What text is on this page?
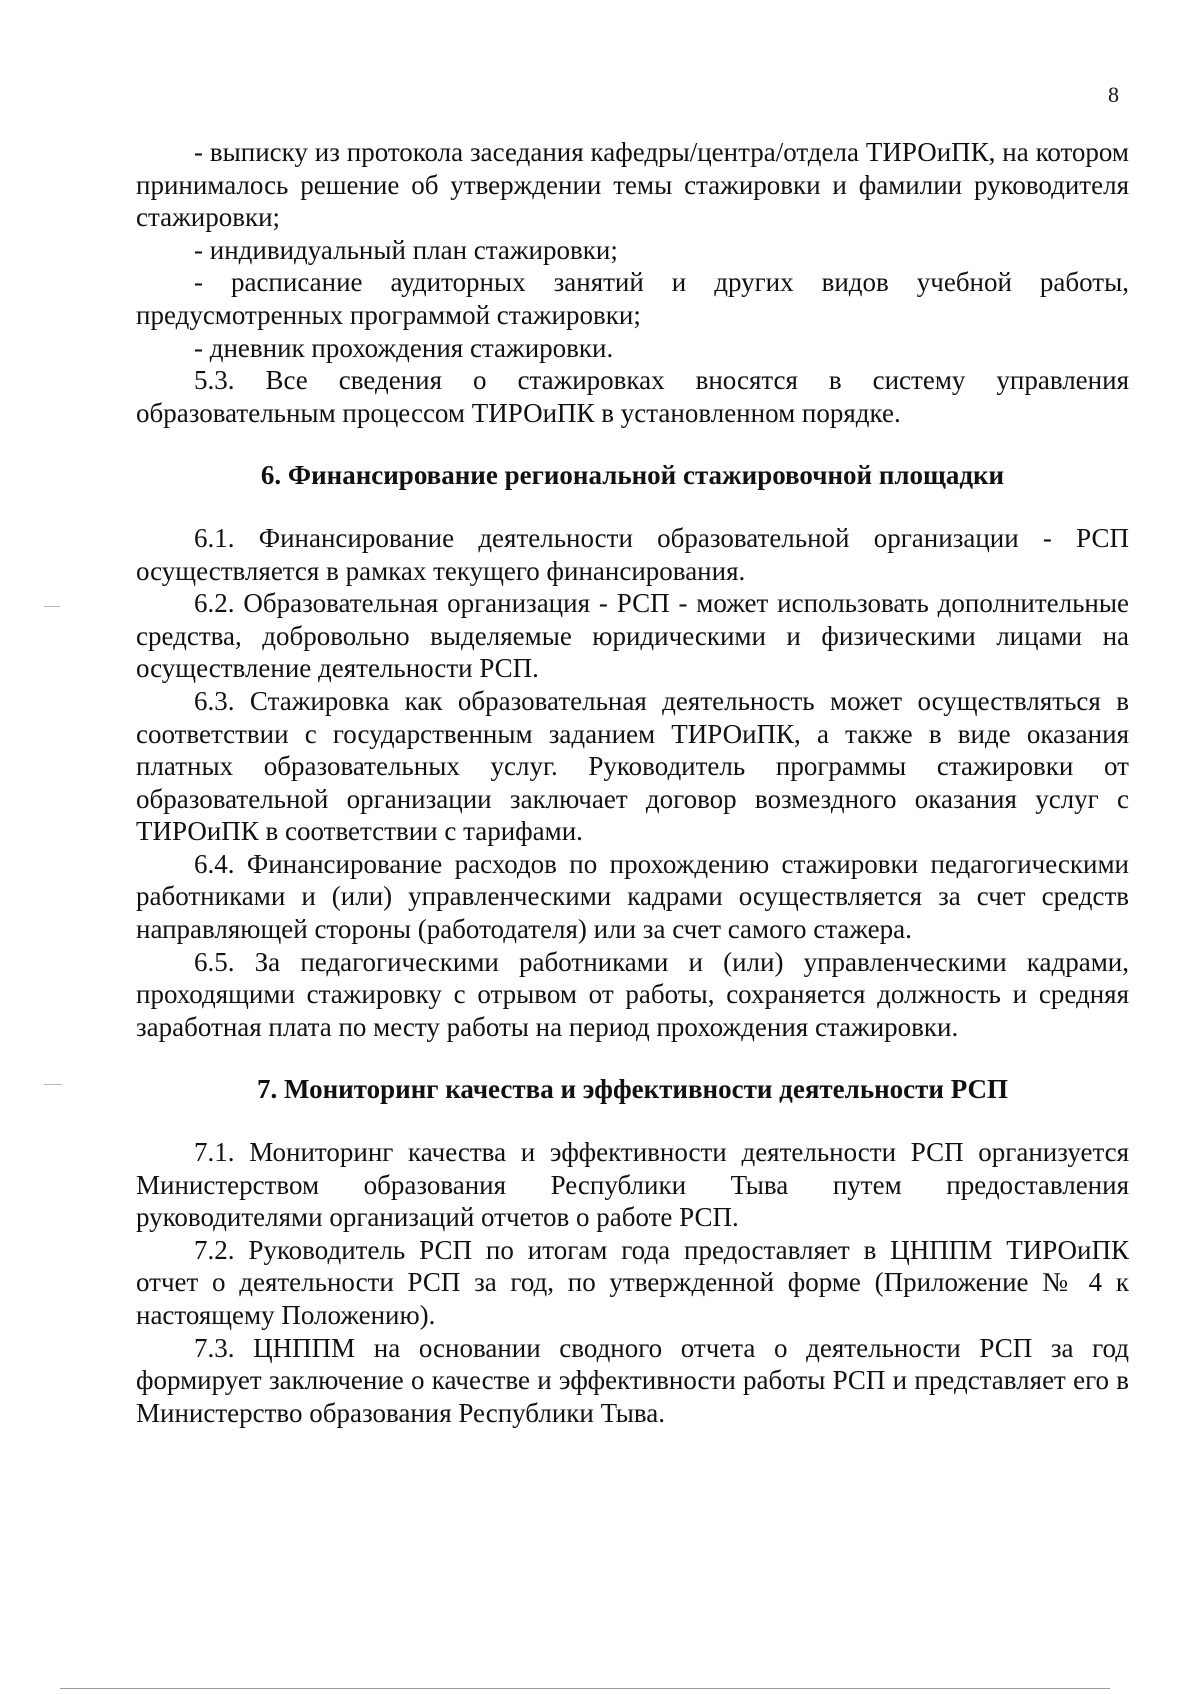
8

- выписку из протокола заседания кафедры/центра/отдела ТИРОиПК, на котором принималось решение об утверждении темы стажировки и фамилии руководителя стажировки;

- индивидуальный план стажировки;

- расписание аудиторных занятий и других видов учебной работы, предусмотренных программой стажировки;

- дневник прохождения стажировки.

5.3. Все сведения о стажировках вносятся в систему управления образовательным процессом ТИРОиПК в установленном порядке.

6. Финансирование региональной стажировочной площадки

6.1. Финансирование деятельности образовательной организации - РСП осуществляется в рамках текущего финансирования.

6.2. Образовательная организация - РСП - может использовать дополнительные средства, добровольно выделяемые юридическими и физическими лицами на осуществление деятельности РСП.

6.3. Стажировка как образовательная деятельность может осуществляться в соответствии с государственным заданием ТИРОиПК, а также в виде оказания платных образовательных услуг. Руководитель программы стажировки от образовательной организации заключает договор возмездного оказания услуг с ТИРОиПК в соответствии с тарифами.

6.4. Финансирование расходов по прохождению стажировки педагогическими работниками и (или) управленческими кадрами осуществляется за счет средств направляющей стороны (работодателя) или за счет самого стажера.

6.5. За педагогическими работниками и (или) управленческими кадрами, проходящими стажировку с отрывом от работы, сохраняется должность и средняя заработная плата по месту работы на период прохождения стажировки.

7. Мониторинг качества и эффективности деятельности РСП

7.1. Мониторинг качества и эффективности деятельности РСП организуется Министерством образования Республики Тыва путем предоставления руководителями организаций отчетов о работе РСП.

7.2. Руководитель РСП по итогам года предоставляет в ЦНППМ ТИРОиПК отчет о деятельности РСП за год, по утвержденной форме (Приложение № 4 к настоящему Положению).

7.3. ЦНППМ на основании сводного отчета о деятельности РСП за год формирует заключение о качестве и эффективности работы РСП и представляет его в Министерство образования Республики Тыва.
